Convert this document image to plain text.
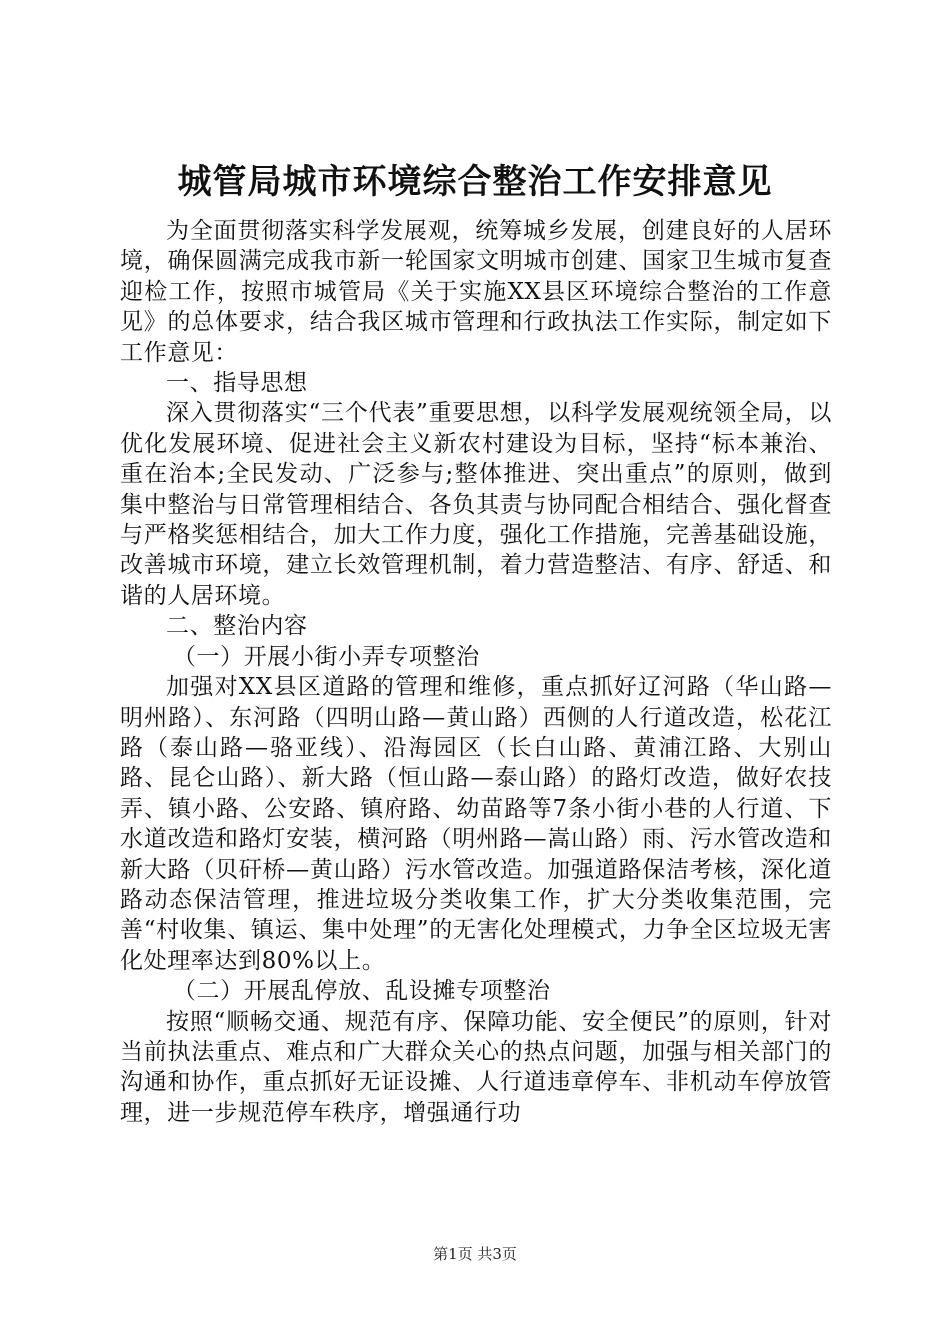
城管局城市环境综合整治工作安排意见

为全面贯彻落实科学发展观，统筹城乡发展，创建良好的人居环境，确保圆满完成我市新一轮国家文明城市创建、国家卫生城市复查迎检工作，按照市城管局《关于实施XX县区环境综合整治的工作意见》的总体要求，结合我区城市管理和行政执法工作实际，制定如下工作意见：

一、指导思想

深入贯彻落实“三个代表”重要思想，以科学发展观统领全局，以优化发展环境、促进社会主义新农村建设为目标，坚持“标本兼治、重在治本;全民发动、广泛参与;整体推进、突出重点”的原则，做到集中整治与日常管理相结合、各负其责与协同配合相结合、强化督查与严格奖惩相结合，加大工作力度，强化工作措施，完善基础设施，改善城市环境，建立长效管理机制，着力营造整洁、有序、舒适、和谐的人居环境。

二、整治内容

（一）开展小街小弄专项整治

加强对XX县区道路的管理和维修，重点抓好辽河路（华山路—明州路）、东河路（四明山路—黄山路）西侧的人行道改造，松花江路（泰山路—骆亚线）、沿海园区（长白山路、黄浦江路、大别山路、昆仑山路）、新大路（恒山路—泰山路）的路灯改造，做好农技弄、镇小路、公安路、镇府路、幼苗路等7条小街小巷的人行道、下水道改造和路灯安装，横河路（明州路—嵩山路）雨、污水管改造和新大路（贝矸桥—黄山路）污水管改造。加强道路保洁考核，深化道路动态保洁管理，推进垃圾分类收集工作，扩大分类收集范围，完善“村收集、镇运、集中处理”的无害化处理模式，力争全区垃圾无害化处理率达到80%以上。

（二）开展乱停放、乱设摊专项整治

按照“顺畅交通、规范有序、保障功能、安全便民”的原则，针对当前执法重点、难点和广大群众关心的热点问题，加强与相关部门的沟通和协作，重点抓好无证设摊、人行道违章停车、非机动车停放管理，进一步规范停车秩序，增强通行功

第1页 共3页
